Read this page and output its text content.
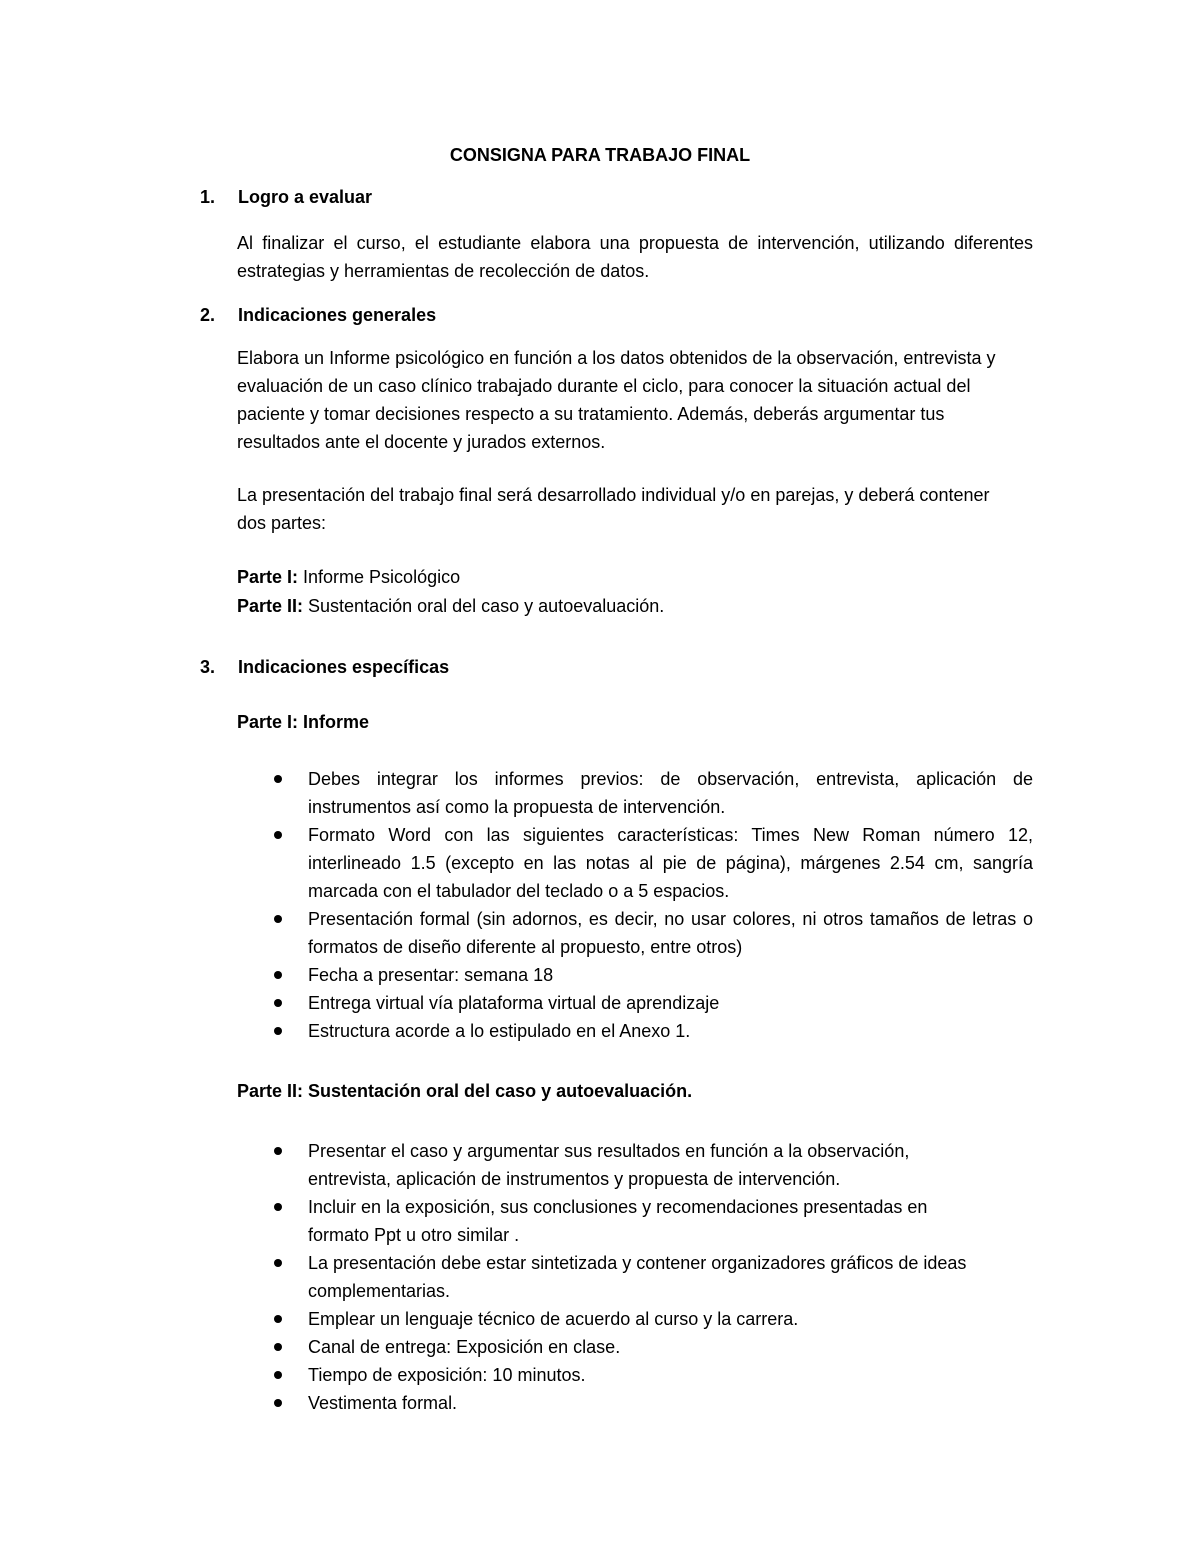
CONSIGNA PARA TRABAJO FINAL
1. Logro a evaluar

Al finalizar el curso, el estudiante elabora una propuesta de intervención, utilizando diferentes estrategias y herramientas de recolección de datos.

2. Indicaciones generales

Elabora un Informe psicológico en función a los datos obtenidos de la observación, entrevista y evaluación de un caso clínico trabajado durante el ciclo, para conocer la situación actual del paciente y tomar decisiones respecto a su tratamiento. Además, deberás argumentar tus resultados ante el docente y jurados externos.

La presentación del trabajo final será desarrollado individual y/o en parejas, y deberá contener dos partes:

Parte I: Informe Psicológico

Parte II: Sustentación oral del caso y autoevaluación.

3. Indicaciones específicas

Parte I: Informe

Debes integrar los informes previos: de observación, entrevista, aplicación de instrumentos así como la propuesta de intervención.
Formato Word con las siguientes características: Times New Roman número 12, interlineado 1.5 (excepto en las notas al pie de página), márgenes 2.54 cm, sangría marcada con el tabulador del teclado o a 5 espacios.
Presentación formal (sin adornos, es decir, no usar colores, ni otros tamaños de letras o formatos de diseño diferente al propuesto, entre otros)
Fecha a presentar: semana 18
Entrega virtual vía plataforma virtual de aprendizaje
Estructura acorde a lo estipulado en el Anexo 1.

Parte II: Sustentación oral del caso y autoevaluación.

Presentar el caso y argumentar sus resultados en función a la observación, entrevista, aplicación de instrumentos y propuesta de intervención.
Incluir en la exposición, sus conclusiones y recomendaciones presentadas en formato Ppt u otro similar .
La presentación debe estar sintetizada y contener organizadores gráficos de ideas complementarias.
Emplear un lenguaje técnico de acuerdo al curso y la carrera.
Canal de entrega: Exposición en clase.
Tiempo de exposición: 10 minutos.
Vestimenta formal.
